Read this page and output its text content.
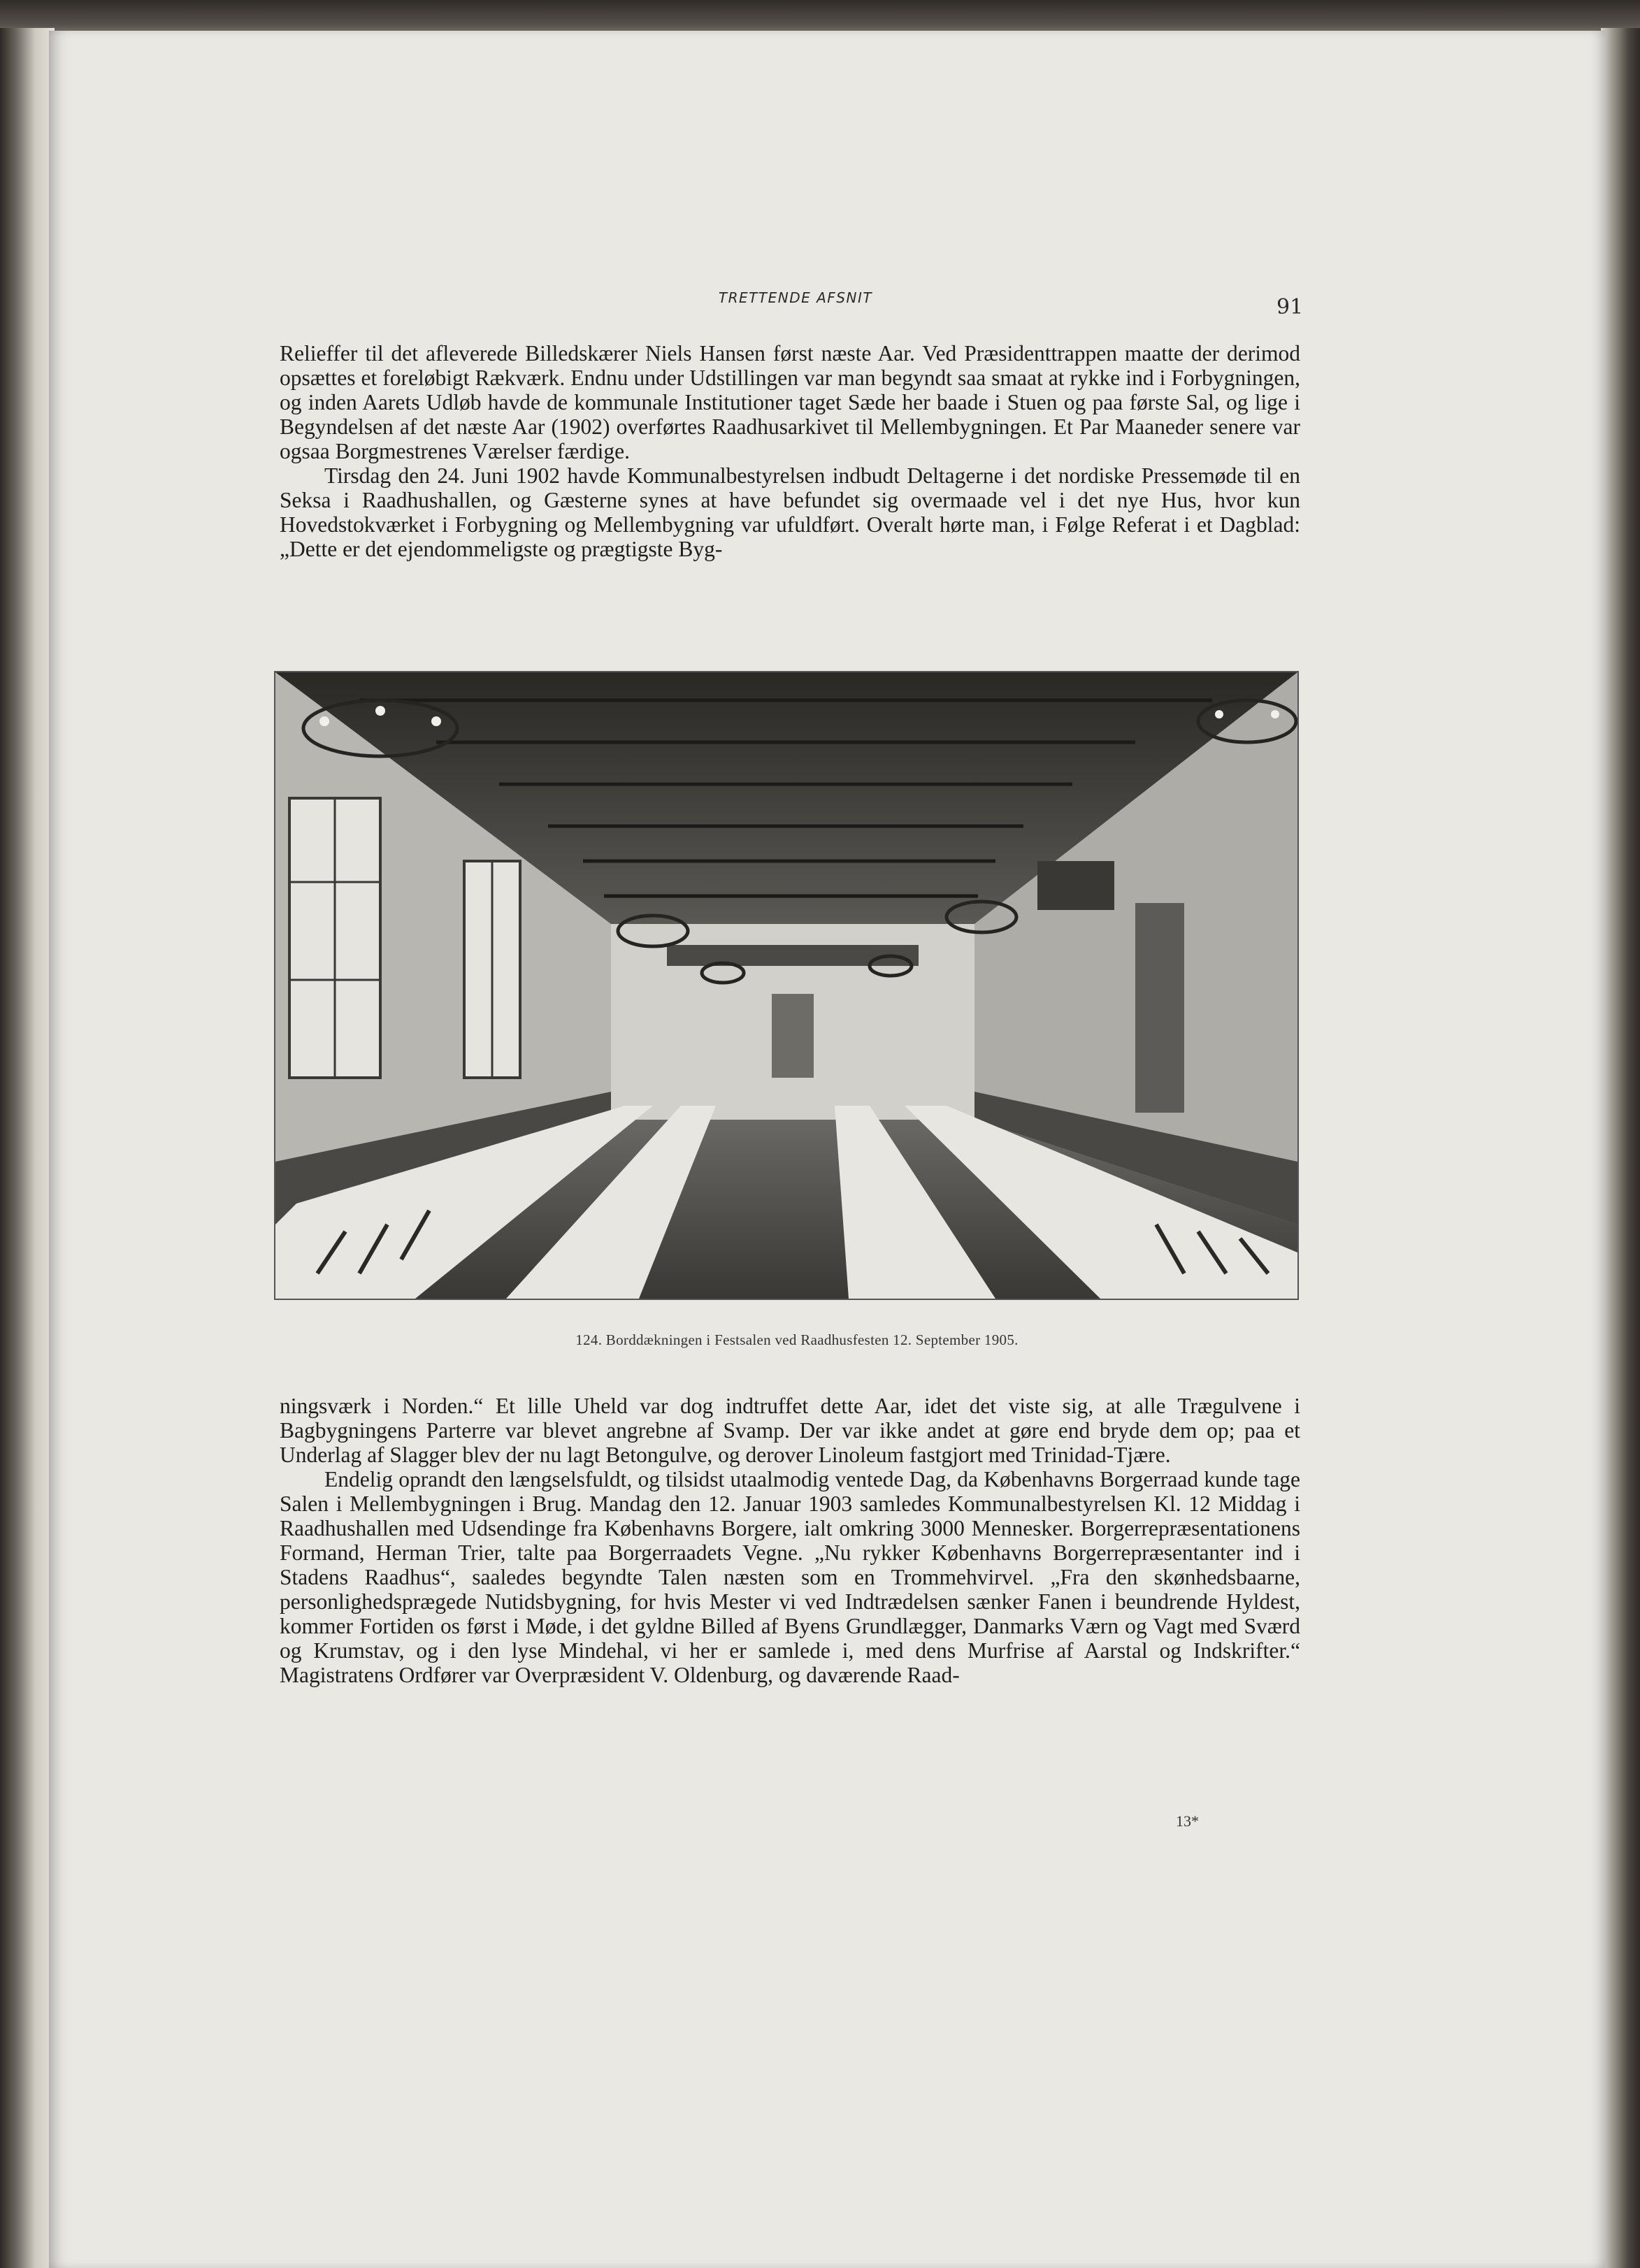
TRETTENDE AFSNIT	91

Relieffer til det afleverede Billedskærer Niels Hansen først næste Aar. Ved Præsidenttrappen maatte der derimod opsættes et foreløbigt Rækværk. Endnu under Udstillingen var man begyndt saa smaat at rykke ind i Forbygningen, og inden Aarets Udløb havde de kommunale Institutioner taget Sæde her baade i Stuen og paa første Sal, og lige i Begyndelsen af det næste Aar (1902) overførtes Raadhusarkivet til Mellembygningen. Et Par Maaneder senere var ogsaa Borgmestrenes Værelser færdige.

Tirsdag den 24. Juni 1902 havde Kommunalbestyrelsen indbudt Deltagerne i det nordiske Pressemøde til en Seksa i Raadhushallen, og Gæsterne synes at have befundet sig overmaade vel i det nye Hus, hvor kun Hovedstokværket i Forbygning og Mellembygning var ufuldført. Overalt hørte man, i Følge Referat i et Dagblad: „Dette er det ejendommeligste og prægtigste Byg-

124. Borddækningen i Festsalen ved Raadhusfesten 12. September 1905.

ningsværk i Norden.“ Et lille Uheld var dog indtruffet dette Aar, idet det viste sig, at alle Trægulvene i Bagbygningens Parterre var blevet angrebne af Svamp. Der var ikke andet at gøre end bryde dem op; paa et Underlag af Slagger blev der nu lagt Betongulve, og derover Linoleum fastgjort med Trinidad-Tjære.

Endelig oprandt den længselsfuldt, og tilsidst utaalmodig ventede Dag, da Københavns Borgerraad kunde tage Salen i Mellembygningen i Brug. Mandag den 12. Januar 1903 samledes Kommunalbestyrelsen Kl. 12 Middag i Raadhushallen med Udsendinge fra Københavns Borgere, ialt omkring 3000 Mennesker. Borgerrepræsentationens Formand, Herman Trier, talte paa Borgerraadets Vegne. „Nu rykker Københavns Borgerrepræsentanter ind i Stadens Raadhus“, saaledes begyndte Talen næsten som en Trommehvirvel. „Fra den skønhedsbaarne, personlighedsprægede Nutidsbygning, for hvis Mester vi ved Indtrædelsen sænker Fanen i beundrende Hyldest, kommer Fortiden os først i Møde, i det gyldne Billed af Byens Grundlægger, Danmarks Værn og Vagt med Sværd og Krumstav, og i den lyse Mindehal, vi her er samlede i, med dens Murfrise af Aarstal og Indskrifter.“ Magistratens Ordfører var Overpræsident V. Oldenburg, og daværende Raad-

13*
